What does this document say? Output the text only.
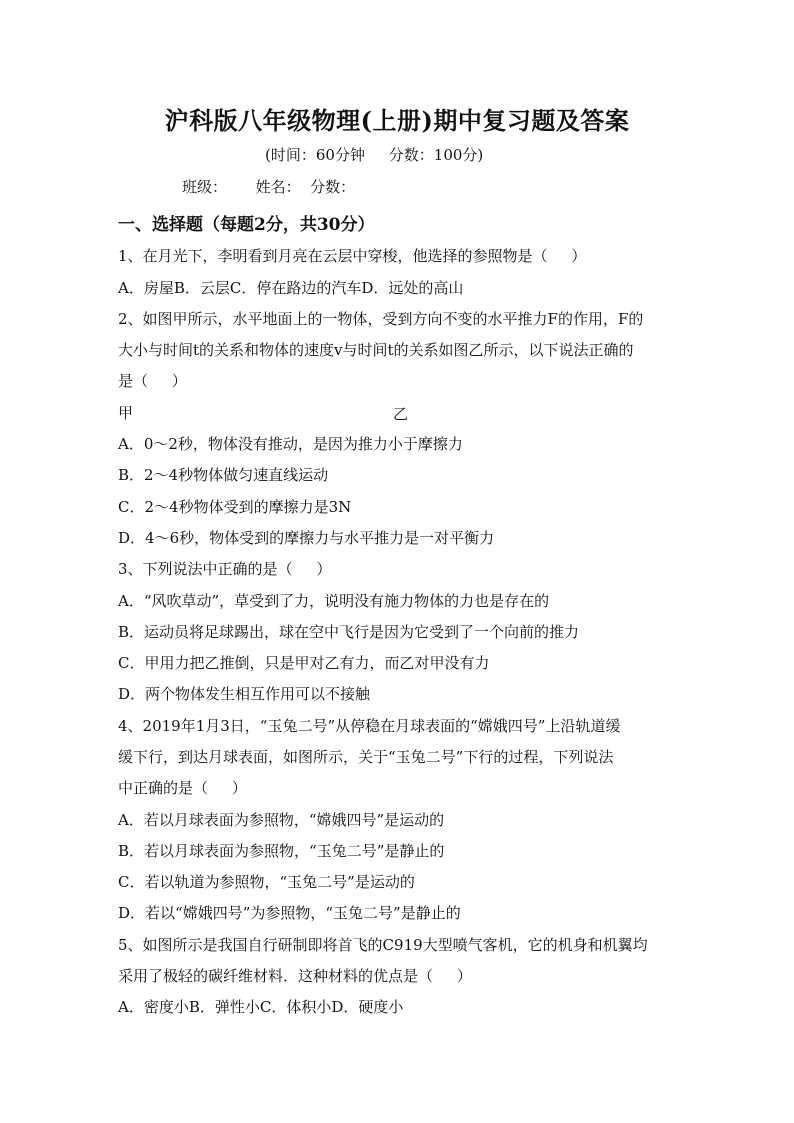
沪科版八年级物理(上册)期中复习题及答案
(时间：60分钟     分数：100分)
班级：      姓名：  分数：
一、选择题（每题2分，共30分）
1、在月光下，李明看到月亮在云层中穿梭，他选择的参照物是（     ）
A．房屋B．云层C．停在路边的汽车D．远处的高山
2、如图甲所示，水平地面上的一物体，受到方向不变的水平推力F的作用，F的
大小与时间t的关系和物体的速度v与时间t的关系如图乙所示，以下说法正确的
是（     ）
甲	乙
A．0～2秒，物体没有推动，是因为推力小于摩擦力
B．2～4秒物体做匀速直线运动
C．2～4秒物体受到的摩擦力是3N
D．4～6秒，物体受到的摩擦力与水平推力是一对平衡力
3、下列说法中正确的是（     ）
A．“风吹草动”，草受到了力，说明没有施力物体的力也是存在的
B．运动员将足球踢出，球在空中飞行是因为它受到了一个向前的推力
C．甲用力把乙推倒，只是甲对乙有力，而乙对甲没有力
D．两个物体发生相互作用可以不接触
4、2019年1月3日，“玉兔二号”从停稳在月球表面的“嫦娥四号”上沿轨道缓
缓下行，到达月球表面，如图所示，关于“玉兔二号”下行的过程，下列说法
中正确的是（     ）
A．若以月球表面为参照物，“嫦娥四号”是运动的
B．若以月球表面为参照物，“玉兔二号”是静止的
C．若以轨道为参照物，“玉兔二号”是运动的
D．若以“嫦娥四号”为参照物，“玉兔二号”是静止的
5、如图所示是我国自行研制即将首飞的C919大型喷气客机，它的机身和机翼均
采用了极轻的碳纤维材料．这种材料的优点是（     ）
A．密度小B．弹性小C．体积小D．硬度小
